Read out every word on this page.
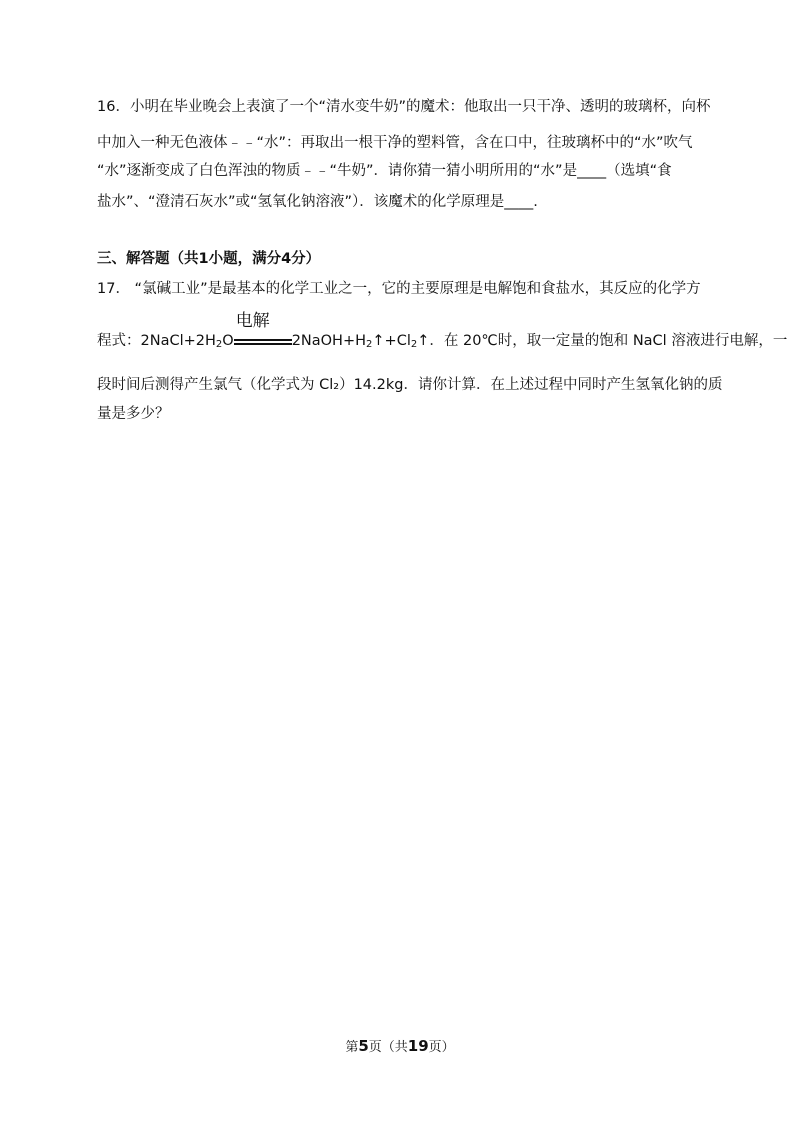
16．小明在毕业晚会上表演了一个“清水变牛奶”的魔术：他取出一只干净、透明的玻璃杯，向杯
中加入一种无色液体﹣﹣“水”：再取出一根干净的塑料管，含在口中，往玻璃杯中的“水”吹气
“水”逐渐变成了白色浑浊的物质﹣﹣“牛奶”．请你猜一猜小明所用的“水”是____（选填“食
盐水”、“澄清石灰水”或“氢氧化钠溶液”）．该魔术的化学原理是____.
三、解答题（共1小题，满分4分）
17． “氯碱工业”是最基本的化学工业之一，它的主要原理是电解饱和食盐水，其反应的化学方
程式：$2NaCl+2H_2O$
电解
$2NaOH+H_2↑+Cl_2↑$．在 20℃时，取一定量的饱和 NaCl 溶液进行电解，一
段时间后测得产生氯气（化学式为 Cl₂）14.2kg．请你计算．在上述过程中同时产生氢氧化钠的质
量是多少？
第5页（共19页）
